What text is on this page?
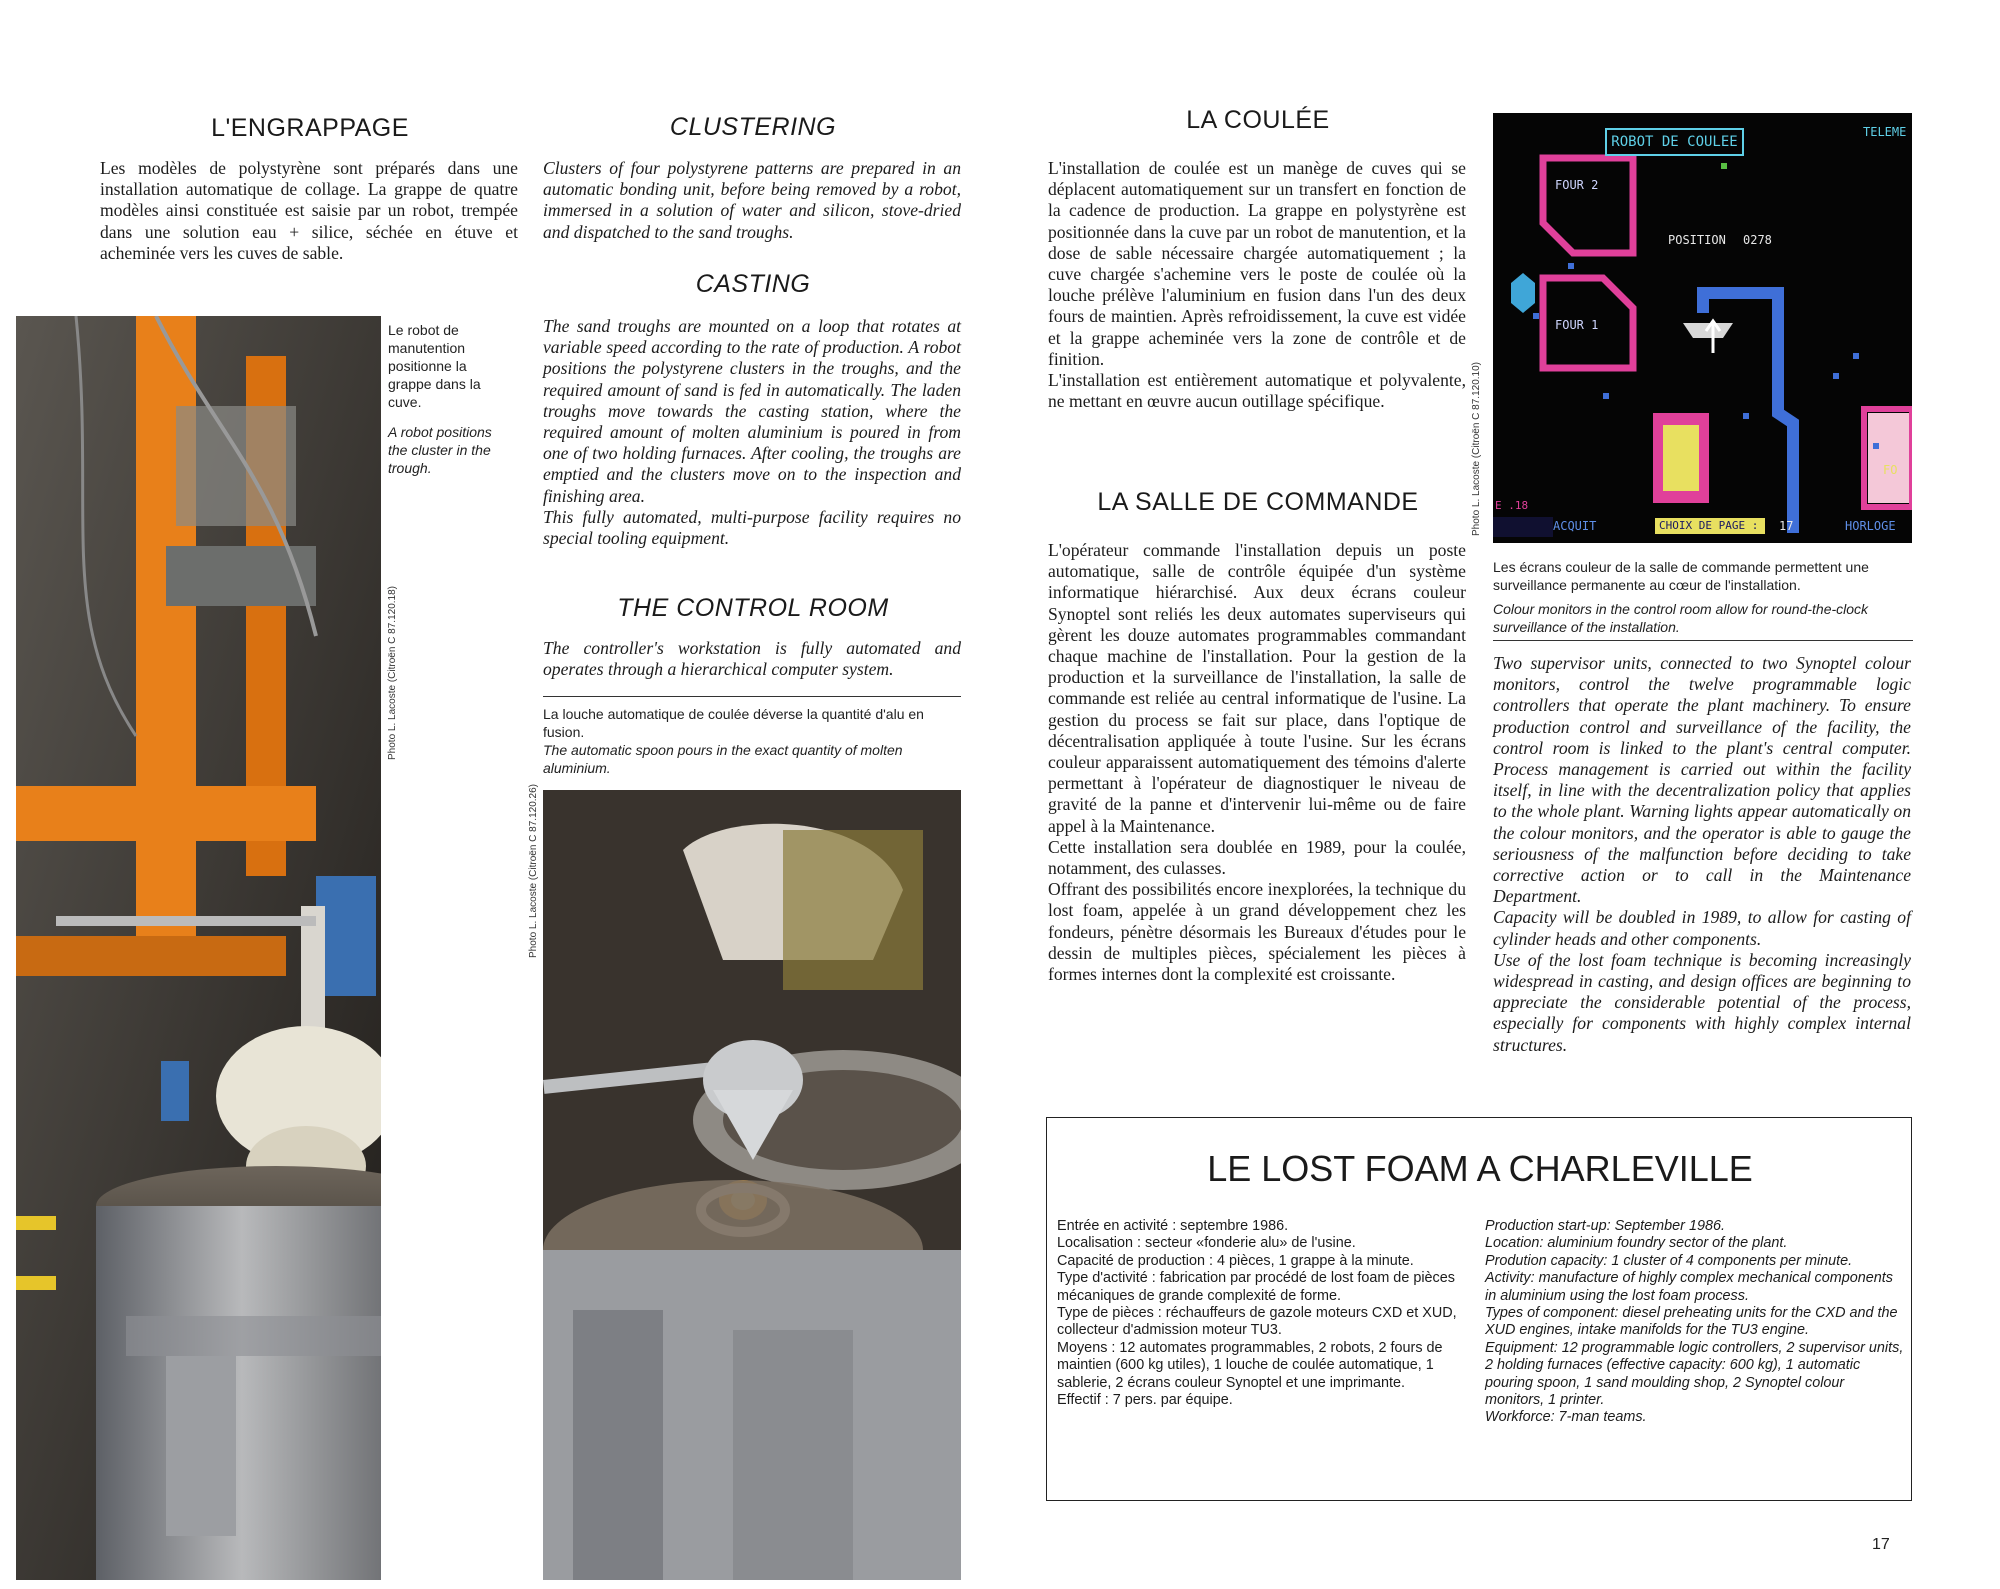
L'ENGRAPPAGE
Les modèles de polystyrène sont préparés dans une installation automatique de collage. La grappe de quatre modèles ainsi constituée est saisie par un robot, trempée dans une solution eau + silice, séchée en étuve et acheminée vers les cuves de sable.
CLUSTERING
Clusters of four polystyrene patterns are prepared in an automatic bonding unit, before being removed by a robot, immersed in a solution of water and silicon, stove-dried and dispatched to the sand troughs.
CASTING
The sand troughs are mounted on a loop that rotates at variable speed according to the rate of production. A robot positions the polystyrene clusters in the troughs, and the required amount of sand is fed in automatically. The laden troughs move towards the casting station, where the required amount of molten aluminium is poured in from one of two holding furnaces. After cooling, the troughs are emptied and the clusters move on to the inspection and finishing area.
This fully automated, multi-purpose facility requires no special tooling equipment.
THE CONTROL ROOM
The controller's workstation is fully automated and operates through a hierarchical computer system.
La louche automatique de coulée déverse la quantité d'alu en fusion.
The automatic spoon pours in the exact quantity of molten aluminium.
Le robot de manutention positionne la grappe dans la cuve.
A robot positions the cluster in the trough.
Photo L. Lacoste (Citroën C 87.120.18)
Photo L. Lacoste (Citroën C 87.120.26)
LA COULÉE
L'installation de coulée est un manège de cuves qui se déplacent automatiquement sur un transfert en fonction de la cadence de production. La grappe en polystyrène est positionnée dans la cuve par un robot de manutention, et la dose de sable nécessaire chargée automatiquement ; la cuve chargée s'achemine vers le poste de coulée où la louche prélève l'aluminium en fusion dans l'un des deux fours de maintien. Après refroidissement, la cuve est vidée et la grappe acheminée vers la zone de contrôle et de finition.
L'installation est entièrement automatique et polyvalente, ne mettant en œuvre aucun outillage spécifique.
LA SALLE DE COMMANDE
L'opérateur commande l'installation depuis un poste automatique, salle de contrôle équipée d'un système informatique hiérarchisé. Aux deux écrans couleur Synoptel sont reliés les deux automates superviseurs qui gèrent les douze automates programmables commandant chaque machine de l'installation. Pour la gestion de la production et la surveillance de l'installation, la salle de commande est reliée au central informatique de l'usine. La gestion du process se fait sur place, dans l'optique de décentralisation appliquée à toute l'usine. Sur les écrans couleur apparaissent automatiquement des témoins d'alerte permettant à l'opérateur de diagnostiquer le niveau de gravité de la panne et d'intervenir lui-même ou de faire appel à la Maintenance.
Cette installation sera doublée en 1989, pour la coulée, notamment, des culasses.
Offrant des possibilités encore inexplorées, la technique du lost foam, appelée à un grand développement chez les fondeurs, pénètre désormais les Bureaux d'études pour le dessin de multiples pièces, spécialement les pièces à formes internes dont la complexité est croissante.
ROBOT DE COULEE
TELEME
FOUR 2
FOUR 1
POSITION 0278
FO
E .18
ACQUIT	CHOIX DE PAGE : 17	HORLOGE
Photo L. Lacoste (Citroën C 87.120.10)
Les écrans couleur de la salle de commande permettent une surveillance permanente au cœur de l'installation.
Colour monitors in the control room allow for round-the-clock surveillance of the installation.
Two supervisor units, connected to two Synoptel colour monitors, control the twelve programmable logic controllers that operate the plant machinery. To ensure production control and surveillance of the facility, the control room is linked to the plant's central computer. Process management is carried out within the facility itself, in line with the decentralization policy that applies to the whole plant. Warning lights appear automatically on the colour monitors, and the operator is able to gauge the seriousness of the malfunction before deciding to take corrective action or to call in the Maintenance Department.
Capacity will be doubled in 1989, to allow for casting of cylinder heads and other components.
Use of the lost foam technique is becoming increasingly widespread in casting, and design offices are beginning to appreciate the considerable potential of the process, especially for components with highly complex internal structures.
LE LOST FOAM A CHARLEVILLE
Entrée en activité : septembre 1986.
Localisation : secteur «fonderie alu» de l'usine.
Capacité de production : 4 pièces, 1 grappe à la minute.
Type d'activité : fabrication par procédé de lost foam de pièces mécaniques de grande complexité de forme.
Type de pièces : réchauffeurs de gazole moteurs CXD et XUD, collecteur d'admission moteur TU3.
Moyens : 12 automates programmables, 2 robots, 2 fours de maintien (600 kg utiles), 1 louche de coulée automatique, 1 sablerie, 2 écrans couleur Synoptel et une imprimante.
Effectif : 7 pers. par équipe.
Production start-up: September 1986.
Location: aluminium foundry sector of the plant.
Prodution capacity: 1 cluster of 4 components per minute.
Activity: manufacture of highly complex mechanical components in aluminium using the lost foam process.
Types of component: diesel preheating units for the CXD and the XUD engines, intake manifolds for the TU3 engine.
Equipment: 12 programmable logic controllers, 2 supervisor units, 2 holding furnaces (effective capacity: 600 kg), 1 automatic pouring spoon, 1 sand moulding shop, 2 Synoptel colour monitors, 1 printer.
Workforce: 7-man teams.
17
